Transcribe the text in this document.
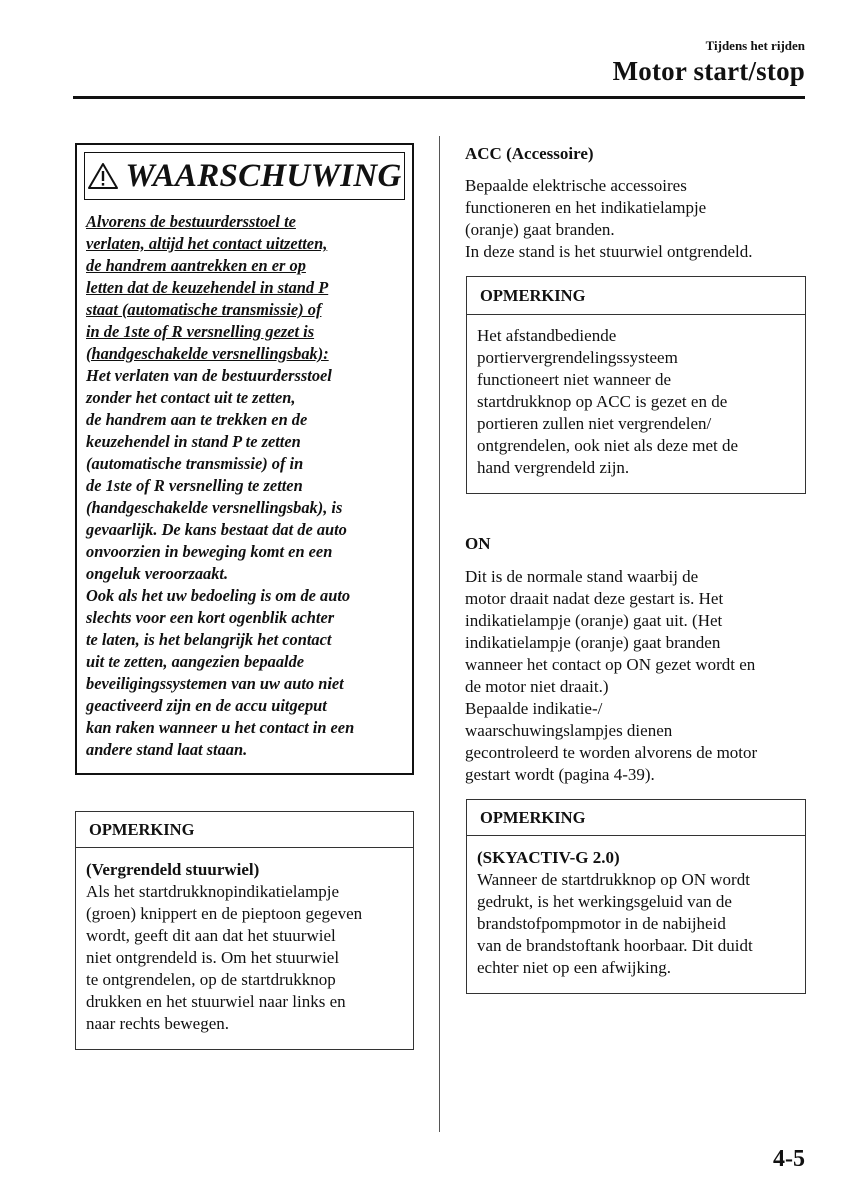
Tijdens het rijden
Motor start/stop
WAARSCHUWING
Alvorens de bestuurdersstoel te
verlaten, altijd het contact uitzetten,
de handrem aantrekken en er op
letten dat de keuzehendel in stand P
staat (automatische transmissie) of
in de 1ste of R versnelling gezet is
(handgeschakelde versnellingsbak):
Het verlaten van de bestuurdersstoel
zonder het contact uit te zetten,
de handrem aan te trekken en de
keuzehendel in stand P te zetten
(automatische transmissie) of in
de 1ste of R versnelling te zetten
(handgeschakelde versnellingsbak), is
gevaarlijk. De kans bestaat dat de auto
onvoorzien in beweging komt en een
ongeluk veroorzaakt.
Ook als het uw bedoeling is om de auto
slechts voor een kort ogenblik achter
te laten, is het belangrijk het contact
uit te zetten, aangezien bepaalde
beveiligingssystemen van uw auto niet
geactiveerd zijn en de accu uitgeput
kan raken wanneer u het contact in een
andere stand laat staan.
OPMERKING
(Vergrendeld stuurwiel)
Als het startdrukknopindikatielampje
(groen) knippert en de pieptoon gegeven
wordt, geeft dit aan dat het stuurwiel
niet ontgrendeld is. Om het stuurwiel
te ontgrendelen, op de startdrukknop
drukken en het stuurwiel naar links en
naar rechts bewegen.
ACC (Accessoire)
Bepaalde elektrische accessoires
functioneren en het indikatielampje
(oranje) gaat branden.
In deze stand is het stuurwiel ontgrendeld.
OPMERKING
Het afstandbediende
portiervergrendelingssysteem
functioneert niet wanneer de
startdrukknop op ACC is gezet en de
portieren zullen niet vergrendelen/
ontgrendelen, ook niet als deze met de
hand vergrendeld zijn.
ON
Dit is de normale stand waarbij de
motor draait nadat deze gestart is. Het
indikatielampje (oranje) gaat uit. (Het
indikatielampje (oranje) gaat branden
wanneer het contact op ON gezet wordt en
de motor niet draait.)
Bepaalde indikatie-/
waarschuwingslampjes dienen
gecontroleerd te worden alvorens de motor
gestart wordt (pagina 4-39).
OPMERKING
(SKYACTIV-G 2.0)
Wanneer de startdrukknop op ON wordt
gedrukt, is het werkingsgeluid van de
brandstofpompmotor in de nabijheid
van de brandstoftank hoorbaar. Dit duidt
echter niet op een afwijking.
4-5
